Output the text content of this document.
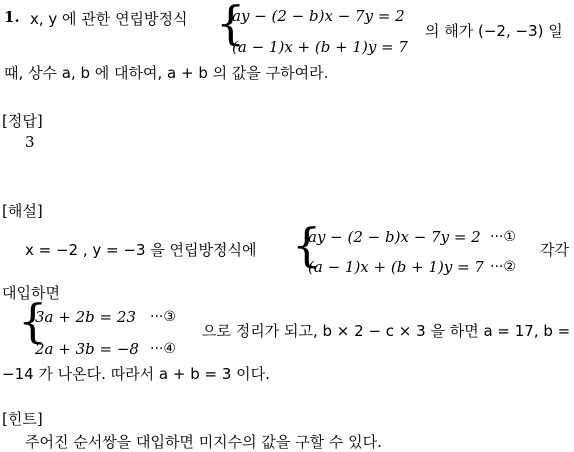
1. x, y 에 관한 연립방정식 {
ay − (2 − b)x − 7y = 2
(a − 1)x + (b + 1)y = 7
의 해가 (−2, −3) 일
때, 상수 a, b 에 대하여, a + b 의 값을 구하여라.
[정답]
3
[해설]
x = −2 , y = −3 을 연립방정식에 {
ay − (2 − b)x − 7y = 2 ···①
(a − 1)x + (b + 1)y = 7 ···②
각각
대입하면
{
3a + 2b = 23 ···③
2a + 3b = −8 ···④
으로 정리가 되고, b × 2 − c × 3 을 하면 a = 17, b =
−14 가 나온다. 따라서 a + b = 3 이다.
[힌트]
주어진 순서쌍을 대입하면 미지수의 값을 구할 수 있다.
